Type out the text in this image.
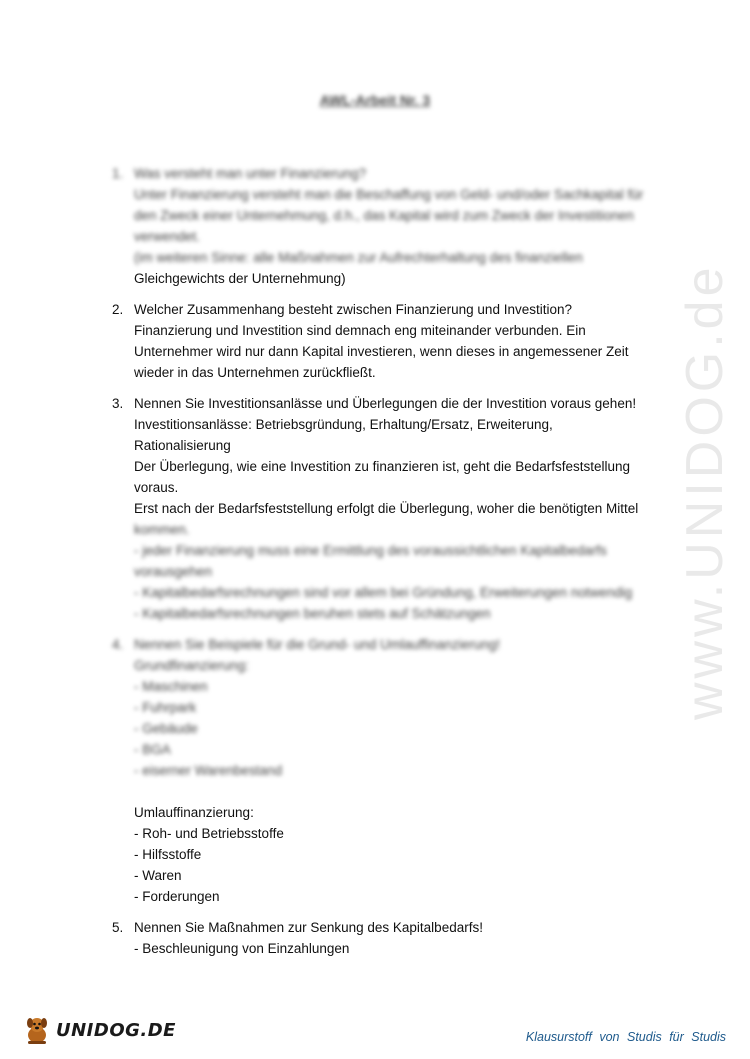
www.UNIDOG.de
AWL-Arbeit Nr. 3
1. Was versteht man unter Finanzierung?
Unter Finanzierung versteht man die Beschaffung von Geld- und/oder Sachkapital für
den Zweck einer Unternehmung, d.h., das Kapital wird zum Zweck der Investitionen
verwendet.
(im weiteren Sinne: alle Maßnahmen zur Aufrechterhaltung des finanziellen
Gleichgewichts der Unternehmung)
2. Welcher Zusammenhang besteht zwischen Finanzierung und Investition?
Finanzierung und Investition sind demnach eng miteinander verbunden. Ein
Unternehmer wird nur dann Kapital investieren, wenn dieses in angemessener Zeit
wieder in das Unternehmen zurückfließt.
3. Nennen Sie Investitionsanlässe und Überlegungen die der Investition voraus gehen!
Investitionsanlässe: Betriebsgründung, Erhaltung/Ersatz, Erweiterung,
Rationalisierung
Der Überlegung, wie eine Investition zu finanzieren ist, geht die Bedarfsfeststellung
voraus.
Erst nach der Bedarfsfeststellung erfolgt die Überlegung, woher die benötigten Mittel
kommen.
- jeder Finanzierung muss eine Ermittlung des voraussichtlichen Kapitalbedarfs
vorausgehen
- Kapitalbedarfsrechnungen sind vor allem bei Gründung, Erweiterungen notwendig
- Kapitalbedarfsrechnungen beruhen stets auf Schätzungen
4. Nennen Sie Beispiele für die Grund- und Umlauffinanzierung!
Grundfinanzierung:
- Maschinen
- Fuhrpark
- Gebäude
- BGA
- eiserner Warenbestand
Umlauffinanzierung:
- Roh- und Betriebsstoffe
- Hilfsstoffe
- Waren
- Forderungen
5. Nennen Sie Maßnahmen zur Senkung des Kapitalbedarfs!
- Beschleunigung von Einzahlungen
UNIDOG.DE	Klausurstoff von Studis für Studis
